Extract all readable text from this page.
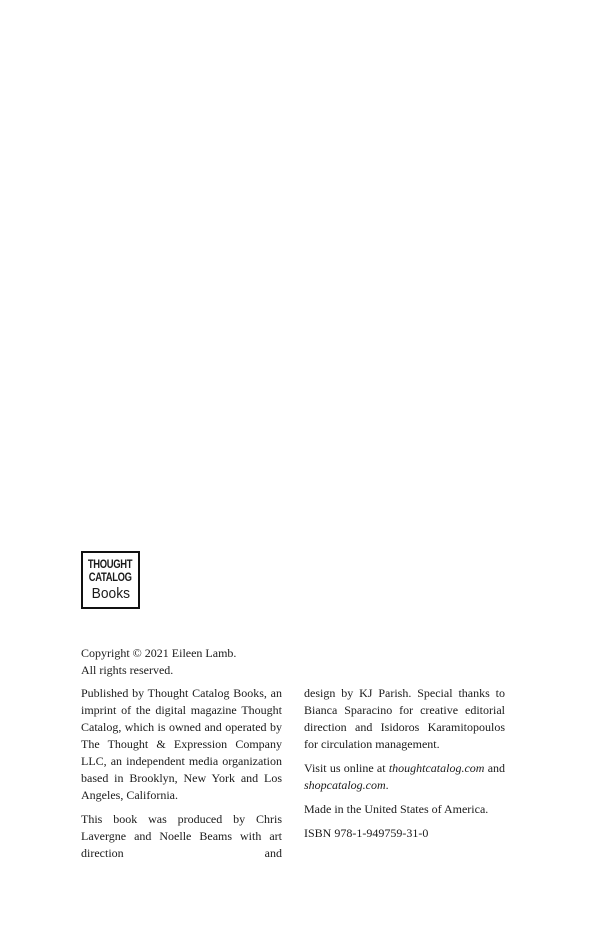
THOUGHT
CATALOG
Books
Copyright © 2021 Eileen Lamb.
All rights reserved.

Published by Thought Catalog Books, an imprint of the digital magazine Thought Catalog, which is owned and operated by The Thought & Expression Company LLC, an independent media organization based in Brooklyn, New York and Los Angeles, California.

This book was produced by Chris Lavergne and Noelle Beams with art direction and

design by KJ Parish. Special thanks to Bianca Sparacino for creative editorial direction and Isidoros Karamitopoulos for circulation management.

Visit us online at thoughtcatalog.com and shopcatalog.com.

Made in the United States of America.

ISBN 978-1-949759-31-0
